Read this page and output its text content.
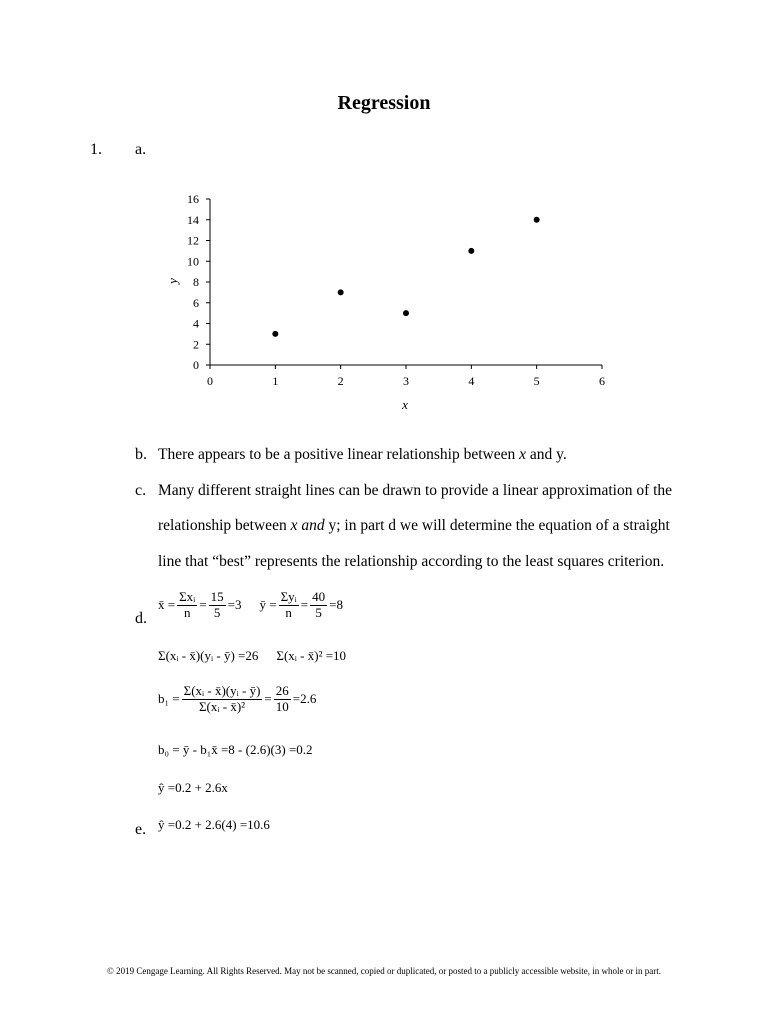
Regression
1. a.
0	1	2	3	4	5	6
0
2
4
6
8
10
12
14
16
x
y
b. There appears to be a positive linear relationship between x and y.
c. Many different straight lines can be drawn to provide a linear approximation of the
relationship between x and y; in part d we will determine the equation of a straight
line that “best” represents the relationship according to the least squares criterion.
d.
x̄ = $\frac{\text{Σxᵢ}}{n} = \frac{15}{5} =3$ ȳ = $\frac{\text{Σyᵢ}}{n} = \frac{40}{5} =8$
Σ(xᵢ - x̄)(yᵢ - ȳ) =26 Σ(xᵢ - x̄)² =10
$b_1 = \frac{\text{Σ(xᵢ - x̄)(yᵢ - ȳ)}}{\text{Σ(xᵢ - x̄)²}} = \frac{26}{10} =2.6$
b₀ = ȳ - b₁x̄ =8 - (2.6)(3) =0.2
ŷ =0.2 + 2.6x
e. ŷ =0.2 + 2.6(4) =10.6
© 2019 Cengage Learning. All Rights Reserved. May not be scanned, copied or duplicated, or posted to a publicly accessible website, in whole or in part.
